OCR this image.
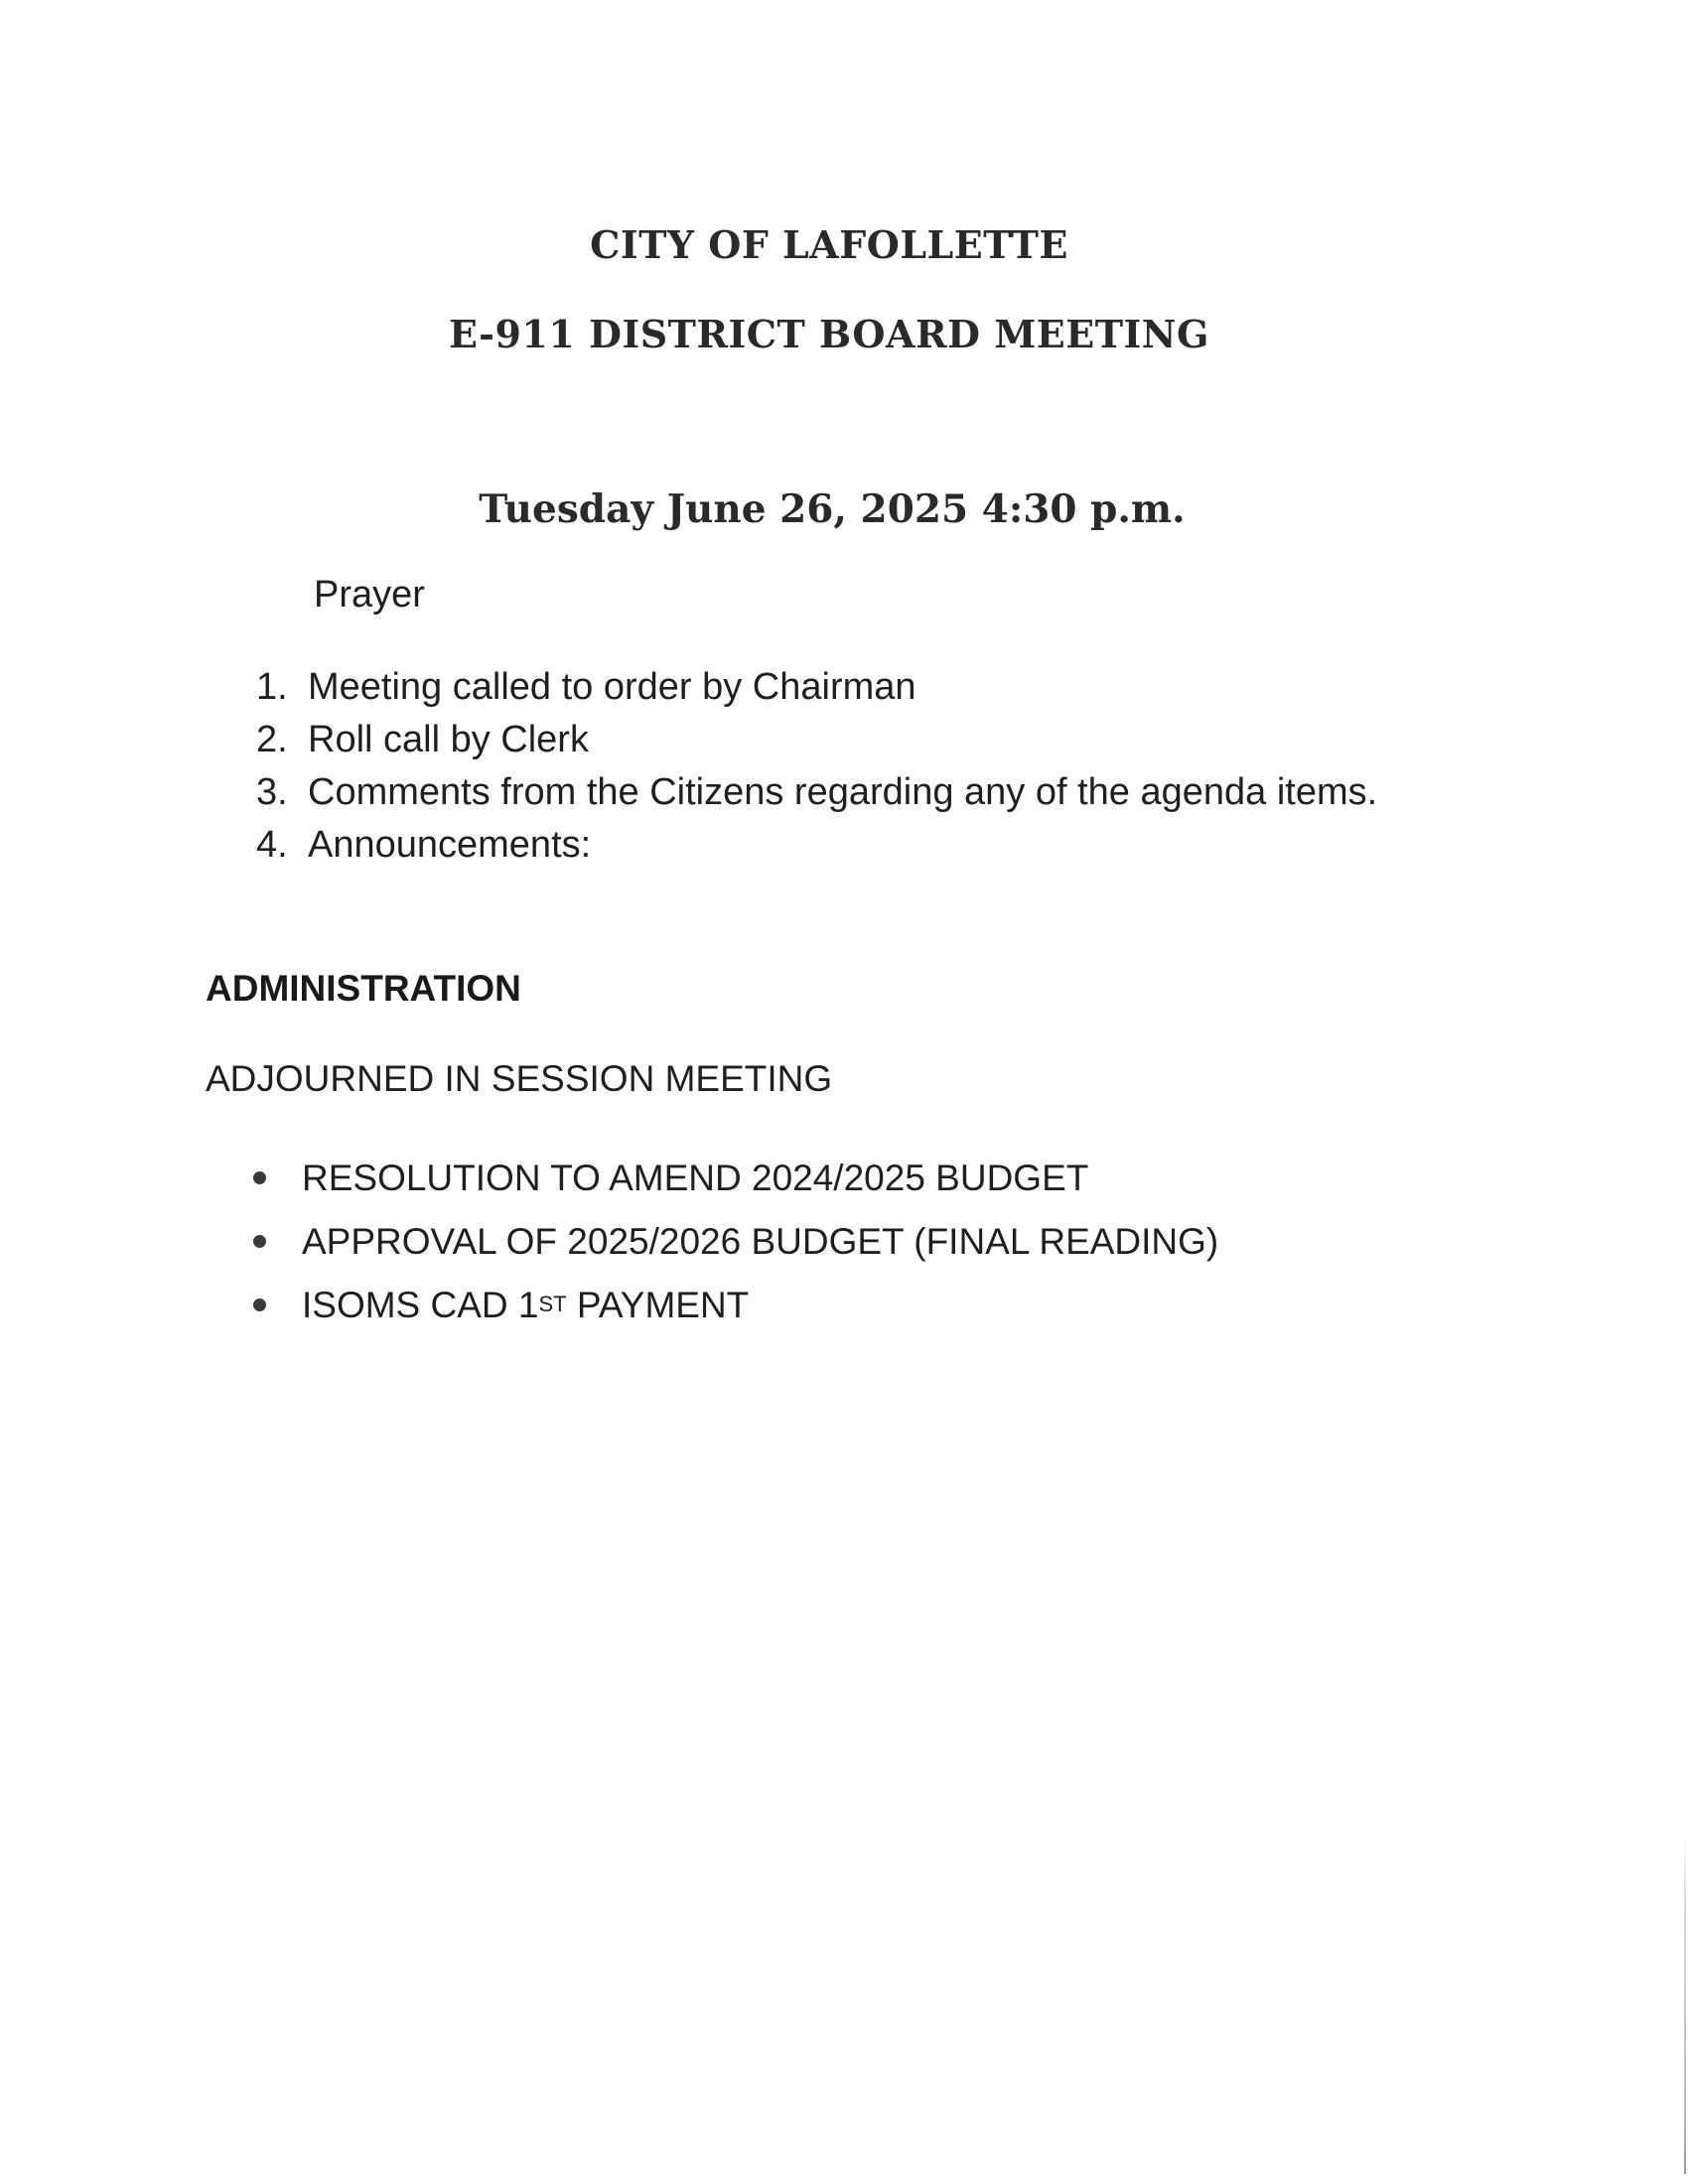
CITY OF LAFOLLETTE
E-911 DISTRICT BOARD MEETING
Tuesday June 26, 2025 4:30 p.m.
Prayer
1. Meeting called to order by Chairman
2. Roll call by Clerk
3. Comments from the Citizens regarding any of the agenda items.
4. Announcements:
ADMINISTRATION
ADJOURNED IN SESSION MEETING
RESOLUTION TO AMEND 2024/2025 BUDGET
APPROVAL OF 2025/2026 BUDGET (FINAL READING)
ISOMS CAD 1ST PAYMENT
